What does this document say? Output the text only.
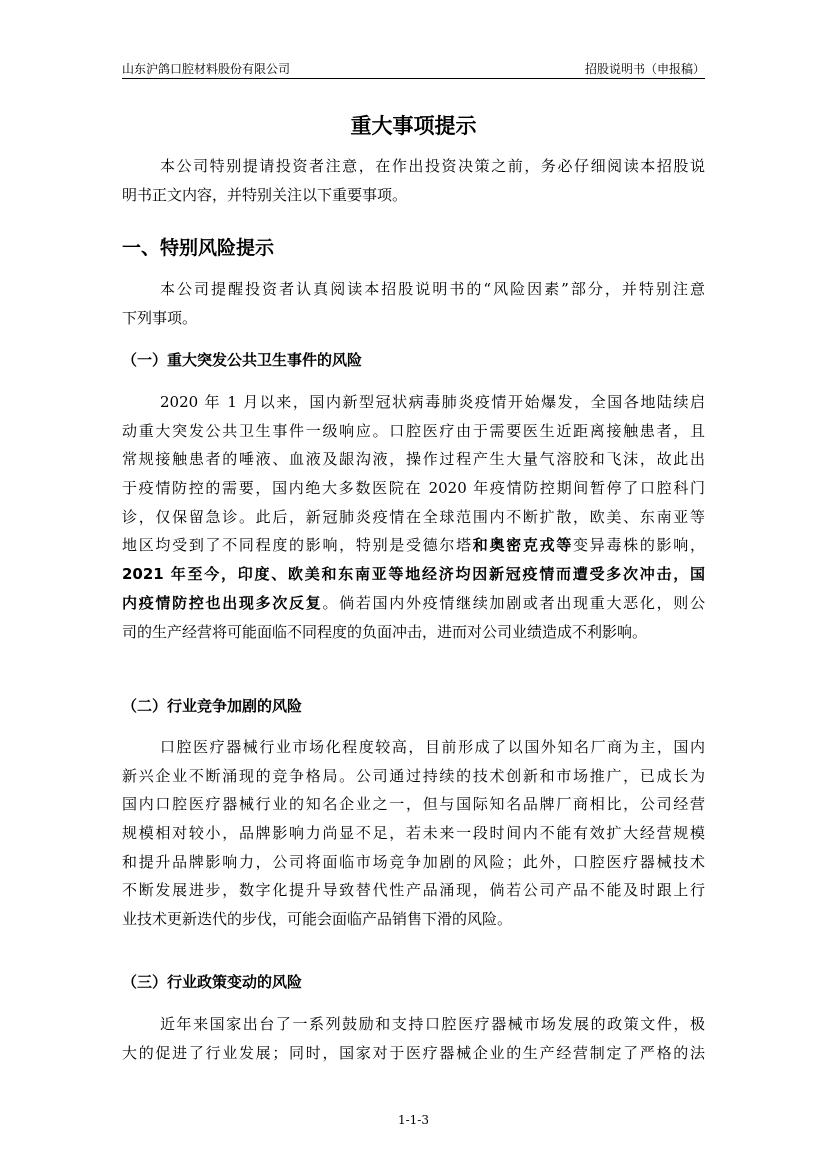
山东沪鸽口腔材料股份有限公司	招股说明书（申报稿）
重大事项提示
本公司特别提请投资者注意，在作出投资决策之前，务必仔细阅读本招股说
明书正文内容，并特别关注以下重要事项。
一、特别风险提示
本公司提醒投资者认真阅读本招股说明书的“风险因素”部分，并特别注意
下列事项。
（一）重大突发公共卫生事件的风险
2020 年 1 月以来，国内新型冠状病毒肺炎疫情开始爆发，全国各地陆续启
动重大突发公共卫生事件一级响应。口腔医疗由于需要医生近距离接触患者，且
常规接触患者的唾液、血液及龈沟液，操作过程产生大量气溶胶和飞沫，故此出
于疫情防控的需要，国内绝大多数医院在 2020 年疫情防控期间暂停了口腔科门
诊，仅保留急诊。此后，新冠肺炎疫情在全球范围内不断扩散，欧美、东南亚等
地区均受到了不同程度的影响，特别是受德尔塔和奥密克戎等变异毒株的影响，
2021 年至今，印度、欧美和东南亚等地经济均因新冠疫情而遭受多次冲击，国
内疫情防控也出现多次反复。倘若国内外疫情继续加剧或者出现重大恶化，则公
司的生产经营将可能面临不同程度的负面冲击，进而对公司业绩造成不利影响。
（二）行业竞争加剧的风险
口腔医疗器械行业市场化程度较高，目前形成了以国外知名厂商为主，国内
新兴企业不断涌现的竞争格局。公司通过持续的技术创新和市场推广，已成长为
国内口腔医疗器械行业的知名企业之一，但与国际知名品牌厂商相比，公司经营
规模相对较小，品牌影响力尚显不足，若未来一段时间内不能有效扩大经营规模
和提升品牌影响力，公司将面临市场竞争加剧的风险；此外，口腔医疗器械技术
不断发展进步，数字化提升导致替代性产品涌现，倘若公司产品不能及时跟上行
业技术更新迭代的步伐，可能会面临产品销售下滑的风险。
（三）行业政策变动的风险
近年来国家出台了一系列鼓励和支持口腔医疗器械市场发展的政策文件，极
大的促进了行业发展；同时，国家对于医疗器械企业的生产经营制定了严格的法
1-1-3
